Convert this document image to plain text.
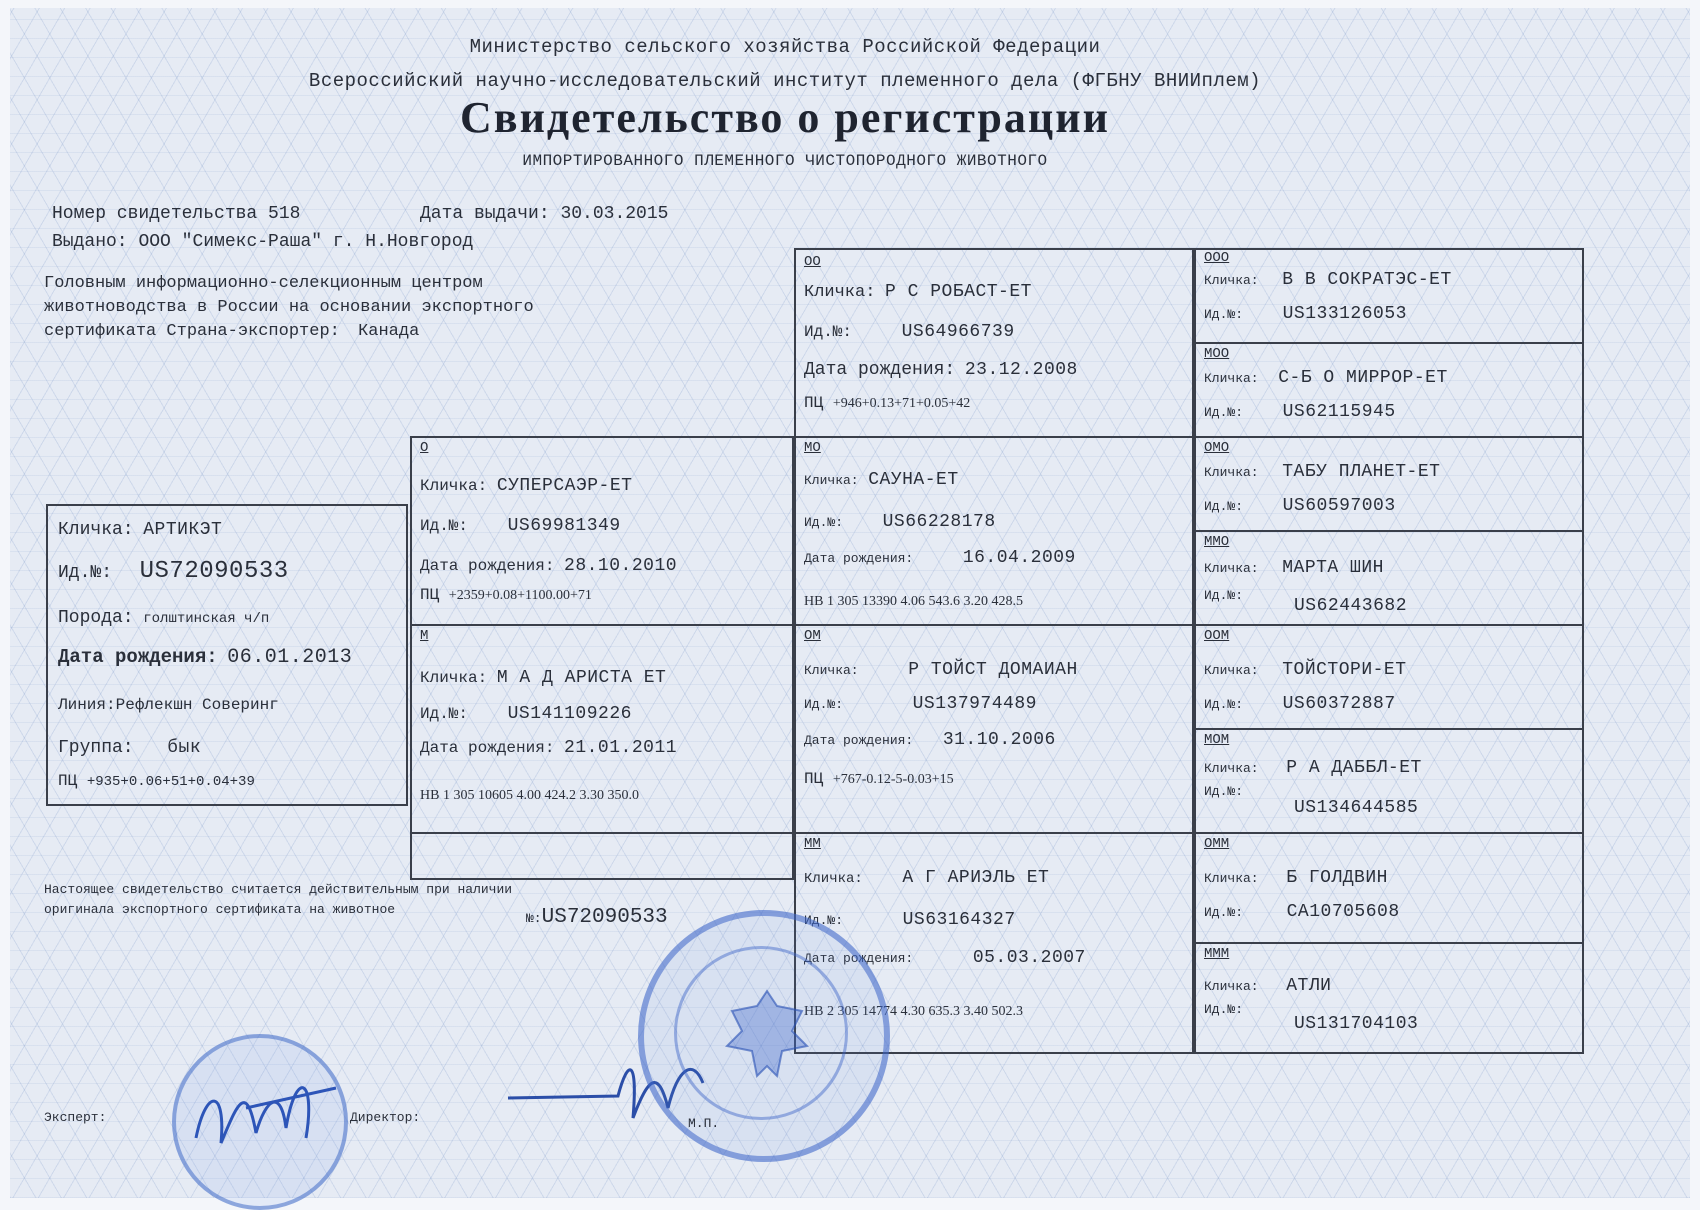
Министерство сельского хозяйства Российской Федерации
Всероссийский научно-исследовательский институт племенного дела (ФГБНУ ВНИИплем)
Свидетельство о регистрации
ИМПОРТИРОВАННОГО ПЛЕМЕННОГО ЧИСТОПОРОДНОГО ЖИВОТНОГО
Номер свидетельства 518	Дата выдачи: 30.03.2015
Выдано: ООО "Симекс-Раша" г. Н.Новгород
Головным информационно-селекционным центром
животноводства в России на основании экспортного
сертификата Страна-экспортер: Канада
Кличка: АРТИКЭТ
Ид.№: US72090533
Порода: голштинская ч/п
Дата рождения: 06.01.2013
Линия:Рефлекшн Соверинг
Группа: бык
ПЦ +935+0.06+51+0.04+39
О
Кличка: СУПЕРСАЭР-ЕТ
Ид.№: US69981349
Дата рождения: 28.10.2010
ПЦ +2359+0.08+1100.00+71
М
Кличка: М А Д АРИСТА ЕТ
Ид.№: US141109226
Дата рождения: 21.01.2011
НВ 1 305 10605 4.00 424.2 3.30 350.0
ОО
Кличка: Р С РОБАСТ-ЕТ
Ид.№:	US64966739
Дата рождения: 23.12.2008
ПЦ +946+0.13+71+0.05+42
МО
Кличка: САУНА-ЕТ
Ид.№: US66228178
Дата рождения:	16.04.2009
НВ 1 305 13390 4.06 543.6 3.20 428.5
ОМ
Кличка:	Р ТОЙСТ ДОМАИАН
Ид.№:	US137974489
Дата рождения: 31.10.2006
ПЦ +767-0.12-5-0.03+15
ММ
Кличка: А Г АРИЭЛЬ ЕТ
Ид.№:	US63164327
Дата рождения:	05.03.2007
НВ 2 305 14774 4.30 635.3 3.40 502.3
ООО
Кличка: В В СОКРАТЭС-ЕТ
Ид.№: US133126053
МОО
Кличка: С-Б О МИРРОР-ЕТ
Ид.№: US62115945
ОМО
Кличка: ТАБУ ПЛАНЕТ-ЕТ
Ид.№: US60597003
ММО
Кличка: МАРТА ШИН
Ид.№:
US62443682
ООМ
Кличка: ТОЙСТОРИ-ЕТ
Ид.№: US60372887
МОМ
Кличка: Р А ДАББЛ-ЕТ
Ид.№:
US134644585
ОММ
Кличка: Б ГОЛДВИН
Ид.№: CA10705608
МММ
Кличка: АТЛИ
Ид.№:
US131704103
Настоящее свидетельство считается действительным при наличии
оригинала экспортного сертификата на животное
№:US72090533
Эксперт:	Директор:	М.П.
